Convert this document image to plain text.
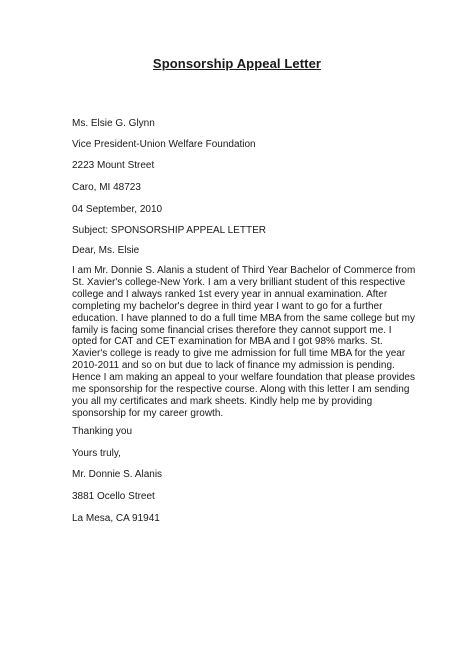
Sponsorship Appeal Letter
Ms. Elsie G. Glynn
Vice President-Union Welfare Foundation
2223 Mount Street
Caro, MI 48723
04 September, 2010
Subject: SPONSORSHIP APPEAL LETTER
Dear, Ms. Elsie
I am Mr. Donnie S. Alanis a student of Third Year Bachelor of Commerce from
St. Xavier's college-New York. I am a very brilliant student of this respective
college and I always ranked 1st every year in annual examination. After
completing my bachelor's degree in third year I want to go for a further
education. I have planned to do a full time MBA from the same college but my
family is facing some financial crises therefore they cannot support me. I
opted for CAT and CET examination for MBA and I got 98% marks. St.
Xavier's college is ready to give me admission for full time MBA for the year
2010-2011 and so on but due to lack of finance my admission is pending.
Hence I am making an appeal to your welfare foundation that please provides
me sponsorship for the respective course. Along with this letter I am sending
you all my certificates and mark sheets. Kindly help me by providing
sponsorship for my career growth.
Thanking you
Yours truly,
Mr. Donnie S. Alanis
3881 Ocello Street
La Mesa, CA 91941
